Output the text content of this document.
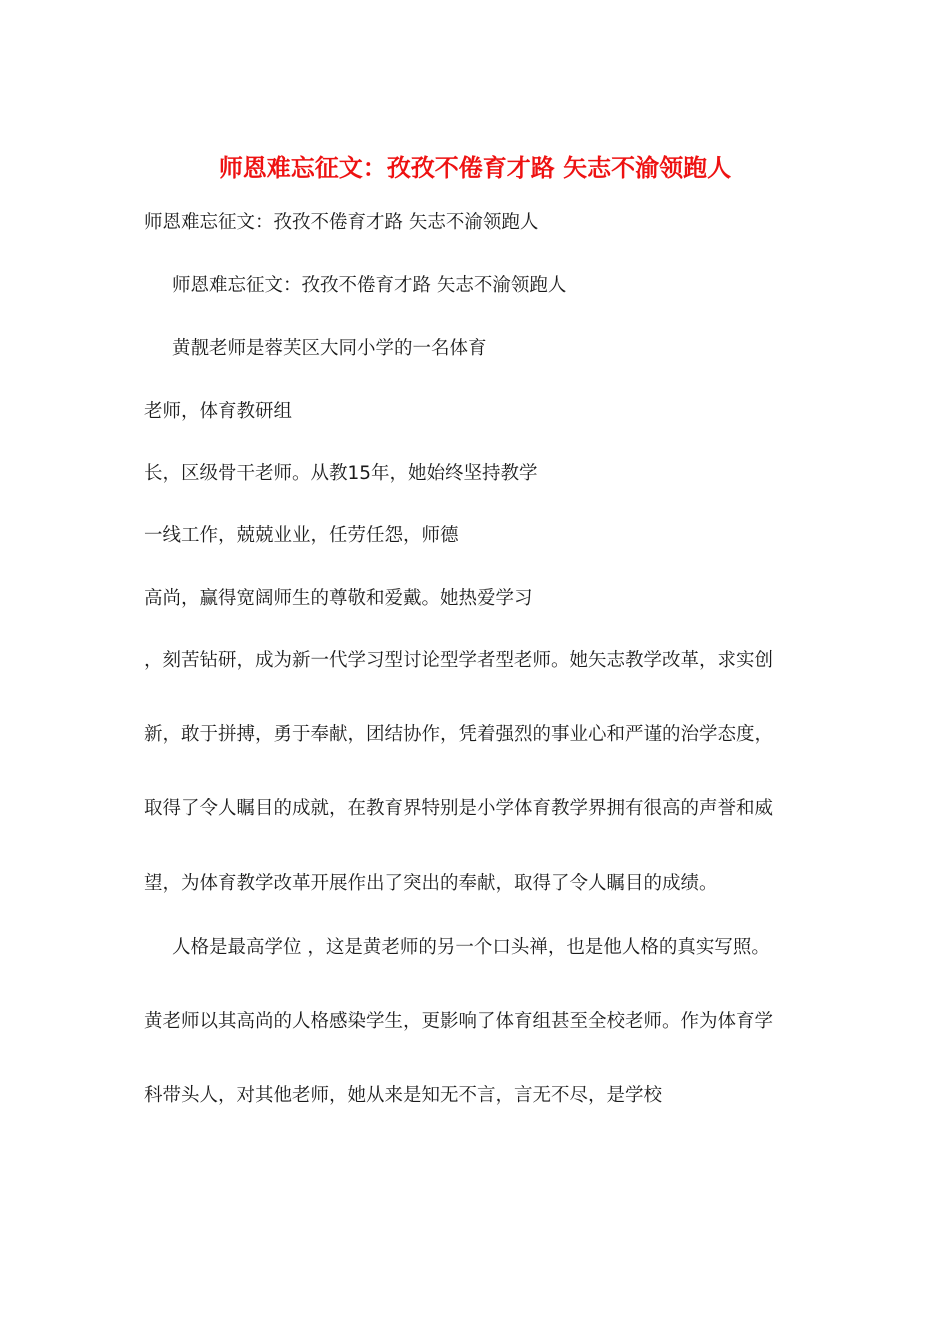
师恩难忘征文：孜孜不倦育才路 矢志不渝领跑人
师恩难忘征文：孜孜不倦育才路 矢志不渝领跑人
师恩难忘征文：孜孜不倦育才路 矢志不渝领跑人
黄靓老师是蓉芙区大同小学的一名体育
老师，体育教研组
长，区级骨干老师。从教15年，她始终坚持教学
一线工作，兢兢业业，任劳任怨，师德
高尚，赢得宽阔师生的尊敬和爱戴。她热爱学习
，刻苦钻研，成为新一代学习型讨论型学者型老师。她矢志教学改革，求实创
新，敢于拼搏，勇于奉献，团结协作，凭着强烈的事业心和严谨的治学态度，
取得了令人瞩目的成就，在教育界特别是小学体育教学界拥有很高的声誉和威
望，为体育教学改革开展作出了突出的奉献，取得了令人瞩目的成绩。
人格是最高学位 ，这是黄老师的另一个口头禅，也是他人格的真实写照。
黄老师以其高尚的人格感染学生，更影响了体育组甚至全校老师。作为体育学
科带头人，对其他老师，她从来是知无不言，言无不尽，是学校
